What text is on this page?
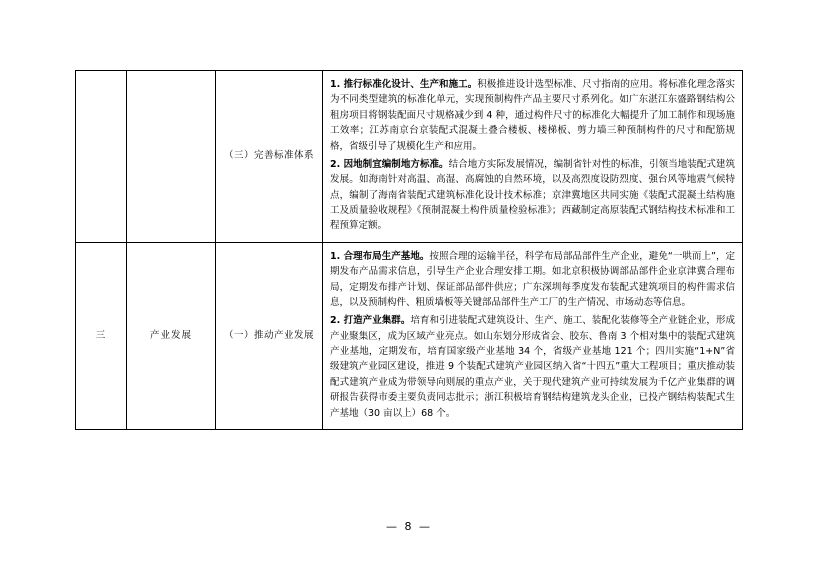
		（三）完善标准体系	1. 推行标准化设计、生产和施工。积极推进设计选型标准、尺寸指南的应用。将标准化理念落实为不同类型建筑的标准化单元，实现预制构件产品主要尺寸系列化。如广东湛江东盛路钢结构公租房项目将钢装配面尺寸规格减少到 4 种，通过构件尺寸的标准化大幅提升了加工制作和现场施工效率；江苏南京台京装配式混凝土叠合楼板、楼梯板、剪力墙三种预制构件的尺寸和配筋规格，省级引导了规模化生产和应用。

2. 因地制宜编制地方标准。结合地方实际发展情况，编制省针对性的标准，引领当地装配式建筑发展。如海南针对高温、高湿、高腐蚀的自然环境，以及高烈度设防烈度、强台风等地震气候特点，编制了海南省装配式建筑标准化设计技术标准；京津冀地区共同实施《装配式混凝土结构施工及质量验收规程》《预制混凝土构件质量检验标准》；西藏制定高原装配式钢结构技术标准和工程预算定额。

三	产业发展	（一）推动产业发展	1. 合理布局生产基地。按照合理的运输半径，科学布局部品部件生产企业，避免“一哄而上”，定期发布产品需求信息，引导生产企业合理安排工期。如北京积极协调部品部件企业京津冀合理布局，定期发布排产计划、保证部品部件供应；广东深圳每季度发布装配式建筑项目的构件需求信息，以及预制构件、粗质墙板等关键部品部件生产工厂的生产情况、市场动态等信息。

2. 打造产业集群。培育和引进装配式建筑设计、生产、施工、装配化装修等全产业链企业，形成产业聚集区，成为区域产业亮点。如山东划分形成省会、胶东、鲁南 3 个相对集中的装配式建筑产业基地，定期发布，培育国家级产业基地 34 个，省级产业基地 121 个；四川实施“1+N”省级建筑产业园区建设，推进 9 个装配式建筑产业园区纳入省“十四五”重大工程项目；重庆推动装配式建筑产业成为带领导向则展的重点产业，关于现代建筑产业可持续发展为千亿产业集群的调研报告获得市委主要负责同志批示；浙江积极培育钢结构建筑龙头企业，已投产钢结构装配式生产基地（30 亩以上）68 个。

— 8 —
